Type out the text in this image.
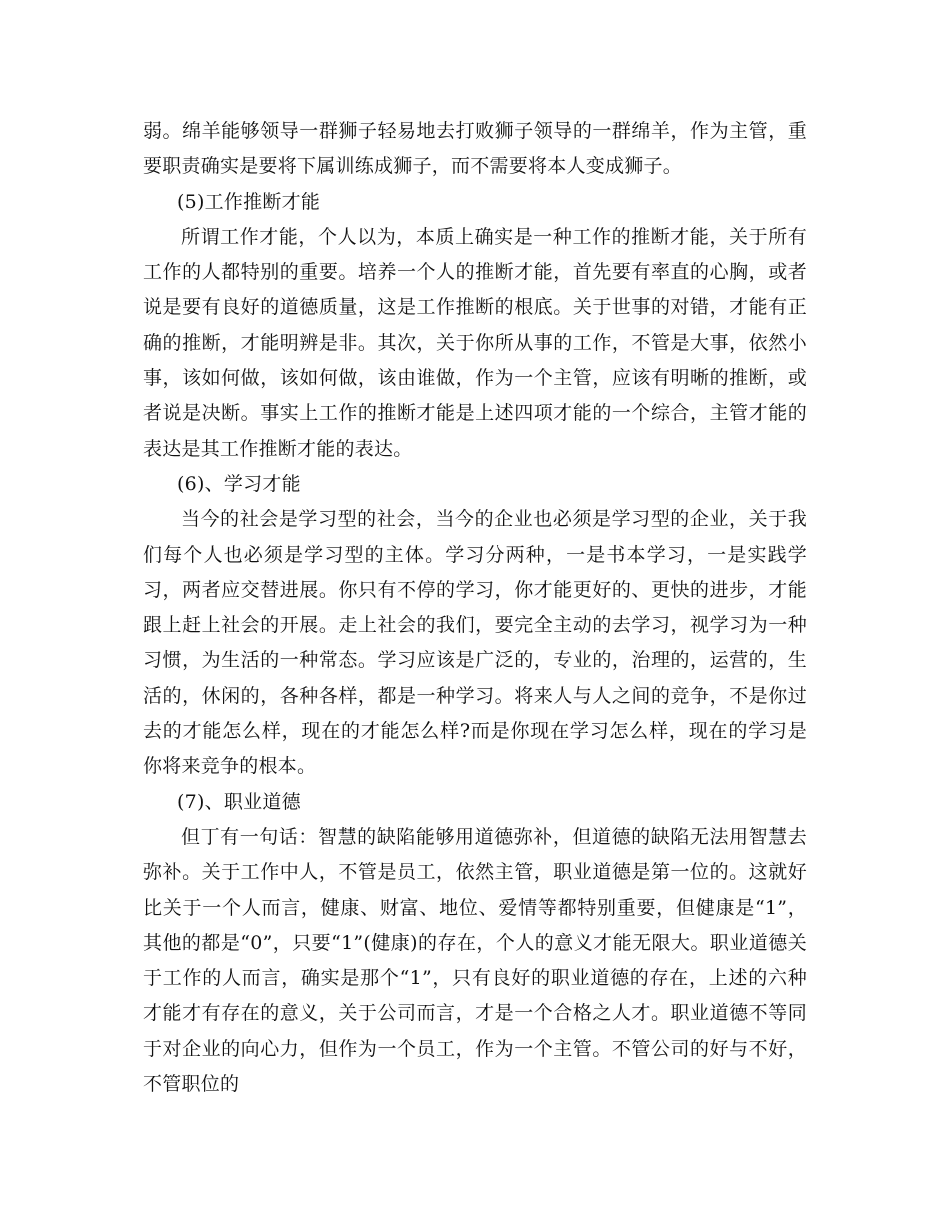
弱。绵羊能够领导一群狮子轻易地去打败狮子领导的一群绵羊，作为主管，重要职责确实是要将下属训练成狮子，而不需要将本人变成狮子。

(5)工作推断才能

所谓工作才能，个人以为，本质上确实是一种工作的推断才能，关于所有工作的人都特别的重要。培养一个人的推断才能，首先要有率直的心胸，或者说是要有良好的道德质量，这是工作推断的根底。关于世事的对错，才能有正确的推断，才能明辨是非。其次，关于你所从事的工作，不管是大事，依然小事，该如何做，该如何做，该由谁做，作为一个主管，应该有明晰的推断，或者说是决断。事实上工作的推断才能是上述四项才能的一个综合，主管才能的表达是其工作推断才能的表达。

(6)、学习才能

当今的社会是学习型的社会，当今的企业也必须是学习型的企业，关于我们每个人也必须是学习型的主体。学习分两种，一是书本学习，一是实践学习，两者应交替进展。你只有不停的学习，你才能更好的、更快的进步，才能跟上赶上社会的开展。走上社会的我们，要完全主动的去学习，视学习为一种习惯，为生活的一种常态。学习应该是广泛的，专业的，治理的，运营的，生活的，休闲的，各种各样，都是一种学习。将来人与人之间的竞争，不是你过去的才能怎么样，现在的才能怎么样?而是你现在学习怎么样，现在的学习是你将来竞争的根本。

(7)、职业道德

但丁有一句话：智慧的缺陷能够用道德弥补，但道德的缺陷无法用智慧去弥补。关于工作中人，不管是员工，依然主管，职业道德是第一位的。这就好比关于一个人而言，健康、财富、地位、爱情等都特别重要，但健康是“1”，其他的都是“0”，只要“1”(健康)的存在，个人的意义才能无限大。职业道德关于工作的人而言，确实是那个“1”，只有良好的职业道德的存在，上述的六种才能才有存在的意义，关于公司而言，才是一个合格之人才。职业道德不等同于对企业的向心力，但作为一个员工，作为一个主管。不管公司的好与不好，不管职位的
